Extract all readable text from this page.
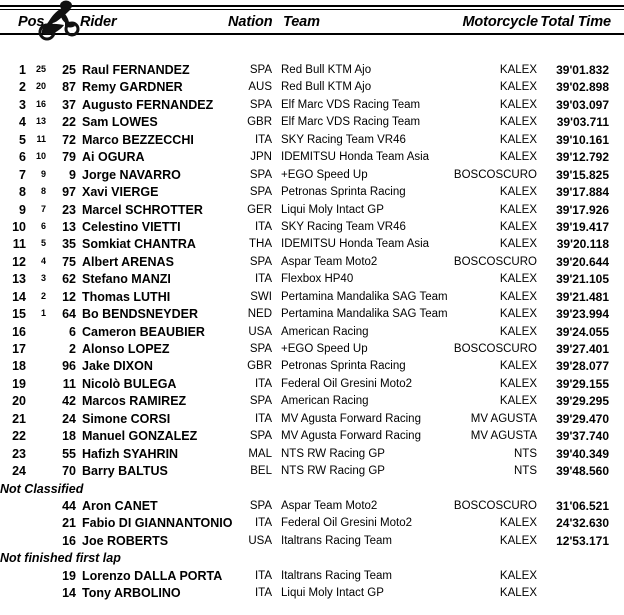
Pos Rider	Nation Team	Motorcycle Total Time
1	25	25 Raul FERNANDEZ	SPA Red Bull KTM Ajo	KALEX	39'01.832
2	20	87 Remy GARDNER	AUS Red Bull KTM Ajo	KALEX	39'02.898
3	16	37 Augusto FERNANDEZ	SPA Elf Marc VDS Racing Team	KALEX	39'03.097
4	13	22 Sam LOWES	GBR Elf Marc VDS Racing Team	KALEX	39'03.711
5	11	72 Marco BEZZECCHI	ITA SKY Racing Team VR46	KALEX	39'10.161
6	10	79 Ai OGURA	JPN IDEMITSU Honda Team Asia	KALEX	39'12.792
7	9	9 Jorge NAVARRO	SPA +EGO Speed Up	BOSCOSCURO	39'15.825
8	8	97 Xavi VIERGE	SPA Petronas Sprinta Racing	KALEX	39'17.884
9	7	23 Marcel SCHROTTER	GER Liqui Moly Intact GP	KALEX	39'17.926
10	6	13 Celestino VIETTI	ITA SKY Racing Team VR46	KALEX	39'19.417
11	5	35 Somkiat CHANTRA	THA IDEMITSU Honda Team Asia	KALEX	39'20.118
12	4	75 Albert ARENAS	SPA Aspar Team Moto2	BOSCOSCURO	39'20.644
13	3	62 Stefano MANZI	ITA Flexbox HP40	KALEX	39'21.105
14	2	12 Thomas LUTHI	SWI Pertamina Mandalika SAG Team	KALEX	39'21.481
15	1	64 Bo BENDSNEYDER	NED Pertamina Mandalika SAG Team	KALEX	39'23.994
16	6 Cameron BEAUBIER	USA American Racing	KALEX	39'24.055
17	2 Alonso LOPEZ	SPA +EGO Speed Up	BOSCOSCURO	39'27.401
18	96 Jake DIXON	GBR Petronas Sprinta Racing	KALEX	39'28.077
19	11 Nicolò BULEGA	ITA Federal Oil Gresini Moto2	KALEX	39'29.155
20	42 Marcos RAMIREZ	SPA American Racing	KALEX	39'29.295
21	24 Simone CORSI	ITA MV Agusta Forward Racing	MV AGUSTA	39'29.470
22	18 Manuel GONZALEZ	SPA MV Agusta Forward Racing	MV AGUSTA	39'37.740
23	55 Hafizh SYAHRIN	MAL NTS RW Racing GP	NTS	39'40.349
24	70 Barry BALTUS	BEL NTS RW Racing GP	NTS	39'48.560
Not Classified
44 Aron CANET	SPA Aspar Team Moto2	BOSCOSCURO	31'06.521
21 Fabio DI GIANNANTONIO	ITA Federal Oil Gresini Moto2	KALEX	24'32.630
16 Joe ROBERTS	USA Italtrans Racing Team	KALEX	12'53.171
Not finished first lap
19 Lorenzo DALLA PORTA	ITA Italtrans Racing Team	KALEX
14 Tony ARBOLINO	ITA Liqui Moly Intact GP	KALEX
